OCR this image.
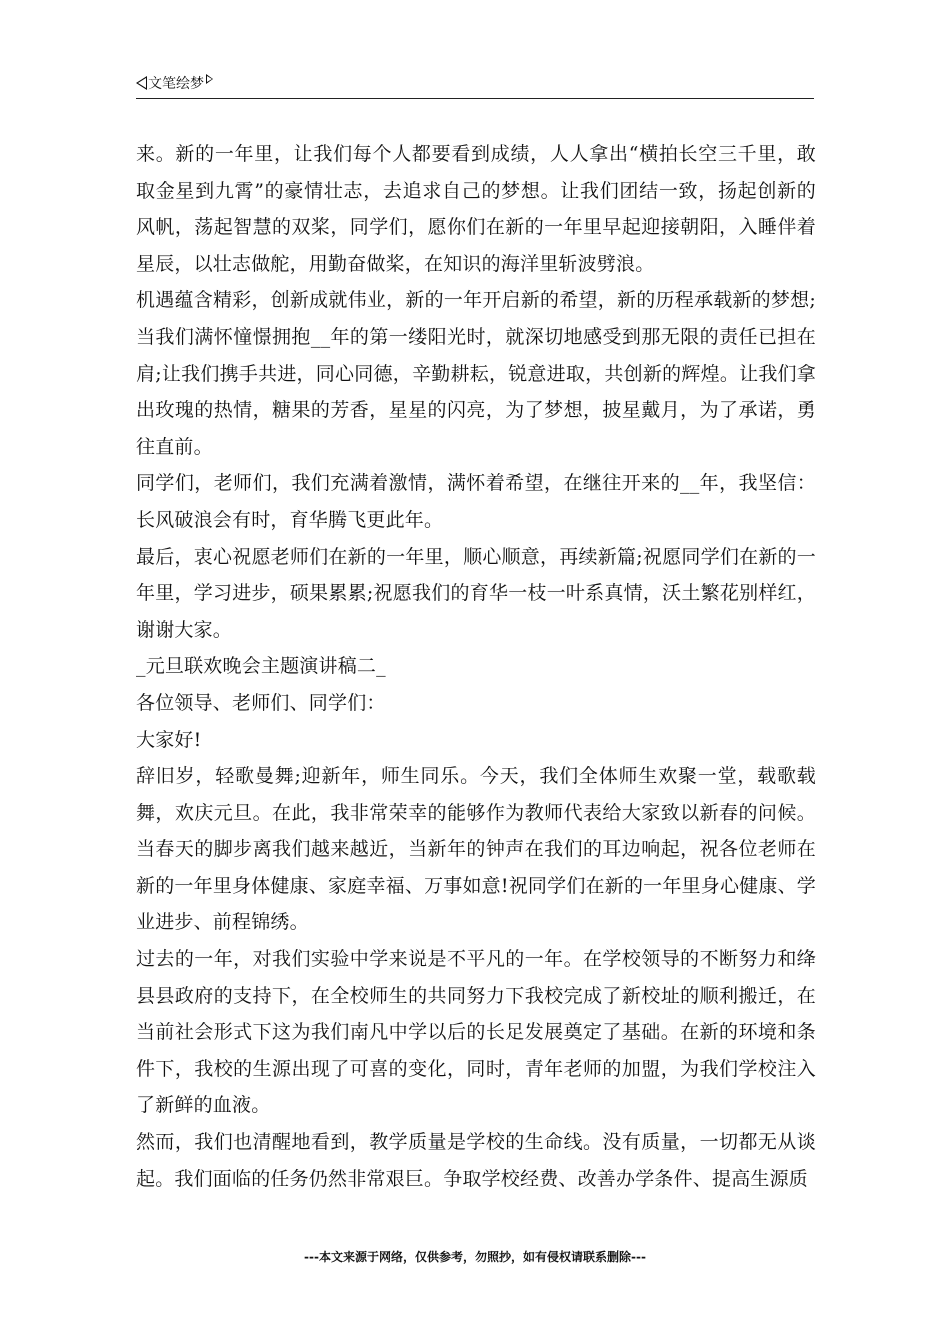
文笔绘梦

来。新的一年里，让我们每个人都要看到成绩，人人拿出“横拍长空三千里，敢取金星到九霄”的豪情壮志，去追求自己的梦想。让我们团结一致，扬起创新的风帆，荡起智慧的双桨，同学们，愿你们在新的一年里早起迎接朝阳，入睡伴着星辰，以壮志做舵，用勤奋做桨，在知识的海洋里斩波劈浪。

机遇蕴含精彩，创新成就伟业，新的一年开启新的希望，新的历程承载新的梦想;当我们满怀憧憬拥抱__年的第一缕阳光时，就深切地感受到那无限的责任已担在肩;让我们携手共进，同心同德，辛勤耕耘，锐意进取，共创新的辉煌。让我们拿出玫瑰的热情，糖果的芳香，星星的闪亮，为了梦想，披星戴月，为了承诺，勇往直前。

同学们，老师们，我们充满着激情，满怀着希望，在继往开来的__年，我坚信：长风破浪会有时，育华腾飞更此年。

最后，衷心祝愿老师们在新的一年里，顺心顺意，再续新篇;祝愿同学们在新的一年里，学习进步，硕果累累;祝愿我们的育华一枝一叶系真情，沃土繁花别样红，谢谢大家。

_元旦联欢晚会主题演讲稿二_

各位领导、老师们、同学们：

大家好!

辞旧岁，轻歌曼舞;迎新年，师生同乐。今天，我们全体师生欢聚一堂，载歌载舞，欢庆元旦。在此，我非常荣幸的能够作为教师代表给大家致以新春的问候。当春天的脚步离我们越来越近，当新年的钟声在我们的耳边响起，祝各位老师在新的一年里身体健康、家庭幸福、万事如意!祝同学们在新的一年里身心健康、学业进步、前程锦绣。

过去的一年，对我们实验中学来说是不平凡的一年。在学校领导的不断努力和绛县县政府的支持下，在全校师生的共同努力下我校完成了新校址的顺利搬迁，在当前社会形式下这为我们南凡中学以后的长足发展奠定了基础。在新的环境和条件下，我校的生源出现了可喜的变化，同时，青年老师的加盟，为我们学校注入了新鲜的血液。

然而，我们也清醒地看到，教学质量是学校的生命线。没有质量，一切都无从谈起。我们面临的任务仍然非常艰巨。争取学校经费、改善办学条件、提高生源质

---本文来源于网络，仅供参考，勿照抄，如有侵权请联系删除---
